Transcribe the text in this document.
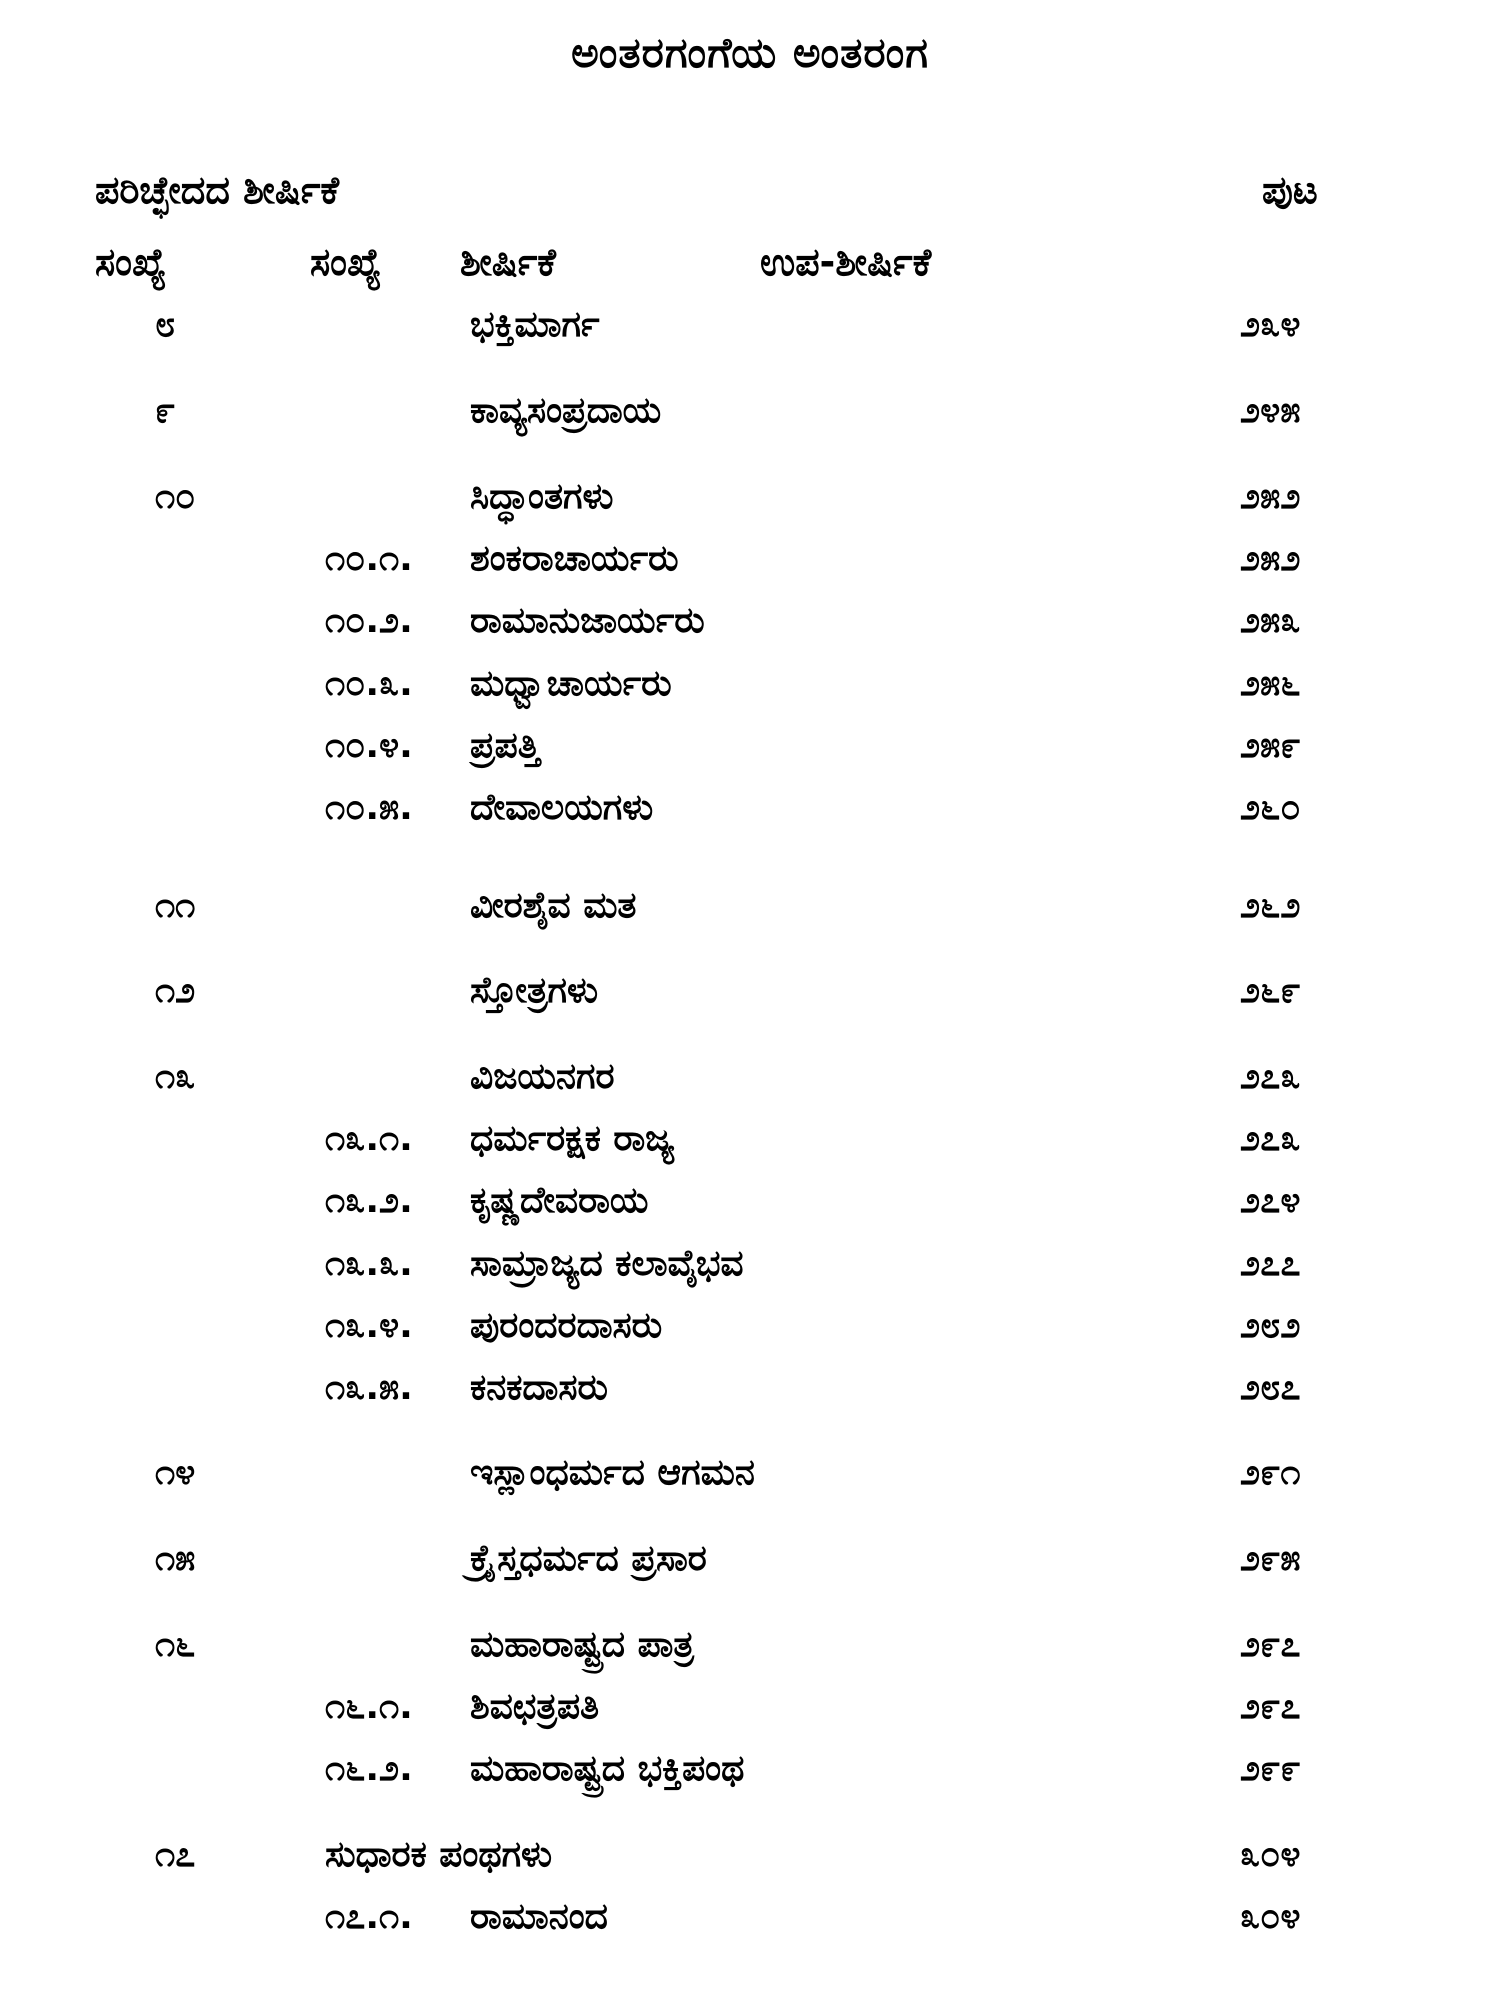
ಅಂತರಗಂಗೆಯ ಅಂತರಂಗ
ಪರಿಚ್ಛೇದದ ಶೀರ್ಷಿಕೆ	ಪುಟ
ಸಂಖ್ಯೆ	ಸಂಖ್ಯೆ ಶೀರ್ಷಿಕೆ	ಉಪ-ಶೀರ್ಷಿಕೆ
೮	ಭಕ್ತಿಮಾರ್ಗ	೨೩೪
೯	ಕಾವ್ಯಸಂಪ್ರದಾಯ	೨೪೫
೧೦	ಸಿದ್ಧಾಂತಗಳು	೨೫೨
೧೦.೧. ಶಂಕರಾಚಾರ್ಯರು	೨೫೨
೧೦.೨. ರಾಮಾನುಜಾರ್ಯರು	೨೫೩
೧೦.೩. ಮಧ್ವಾಚಾರ್ಯರು	೨೫೬
೧೦.೪. ಪ್ರಪತ್ತಿ	೨೫೯
೧೦.೫. ದೇವಾಲಯಗಳು	೨೬೦
೧೧	ವೀರಶೈವ ಮತ	೨೬೨
೧೨	ಸ್ತೋತ್ರಗಳು	೨೬೯
೧೩	ವಿಜಯನಗರ	೨೭೩
೧೩.೧. ಧರ್ಮರಕ್ಷಕ ರಾಜ್ಯ	೨೭೩
೧೩.೨. ಕೃಷ್ಣದೇವರಾಯ	೨೭೪
೧೩.೩. ಸಾಮ್ರಾಜ್ಯದ ಕಲಾವೈಭವ	೨೭೭
೧೩.೪. ಪುರಂದರದಾಸರು	೨೮೨
೧೩.೫. ಕನಕದಾಸರು	೨೮೭
೧೪	ಇಸ್ಲಾಂಧರ್ಮದ ಆಗಮನ	೨೯೧
೧೫	ಕ್ರೈಸ್ತಧರ್ಮದ ಪ್ರಸಾರ	೨೯೫
೧೬	ಮಹಾರಾಷ್ಟ್ರದ ಪಾತ್ರ	೨೯೭
೧೬.೧. ಶಿವಛತ್ರಪತಿ	೨೯೭
೧೬.೨. ಮಹಾರಾಷ್ಟ್ರದ ಭಕ್ತಿಪಂಥ	೨೯೯
೧೭	ಸುಧಾರಕ ಪಂಥಗಳು	೩೦೪
೧೭.೧. ರಾಮಾನಂದ	೩೦೪
